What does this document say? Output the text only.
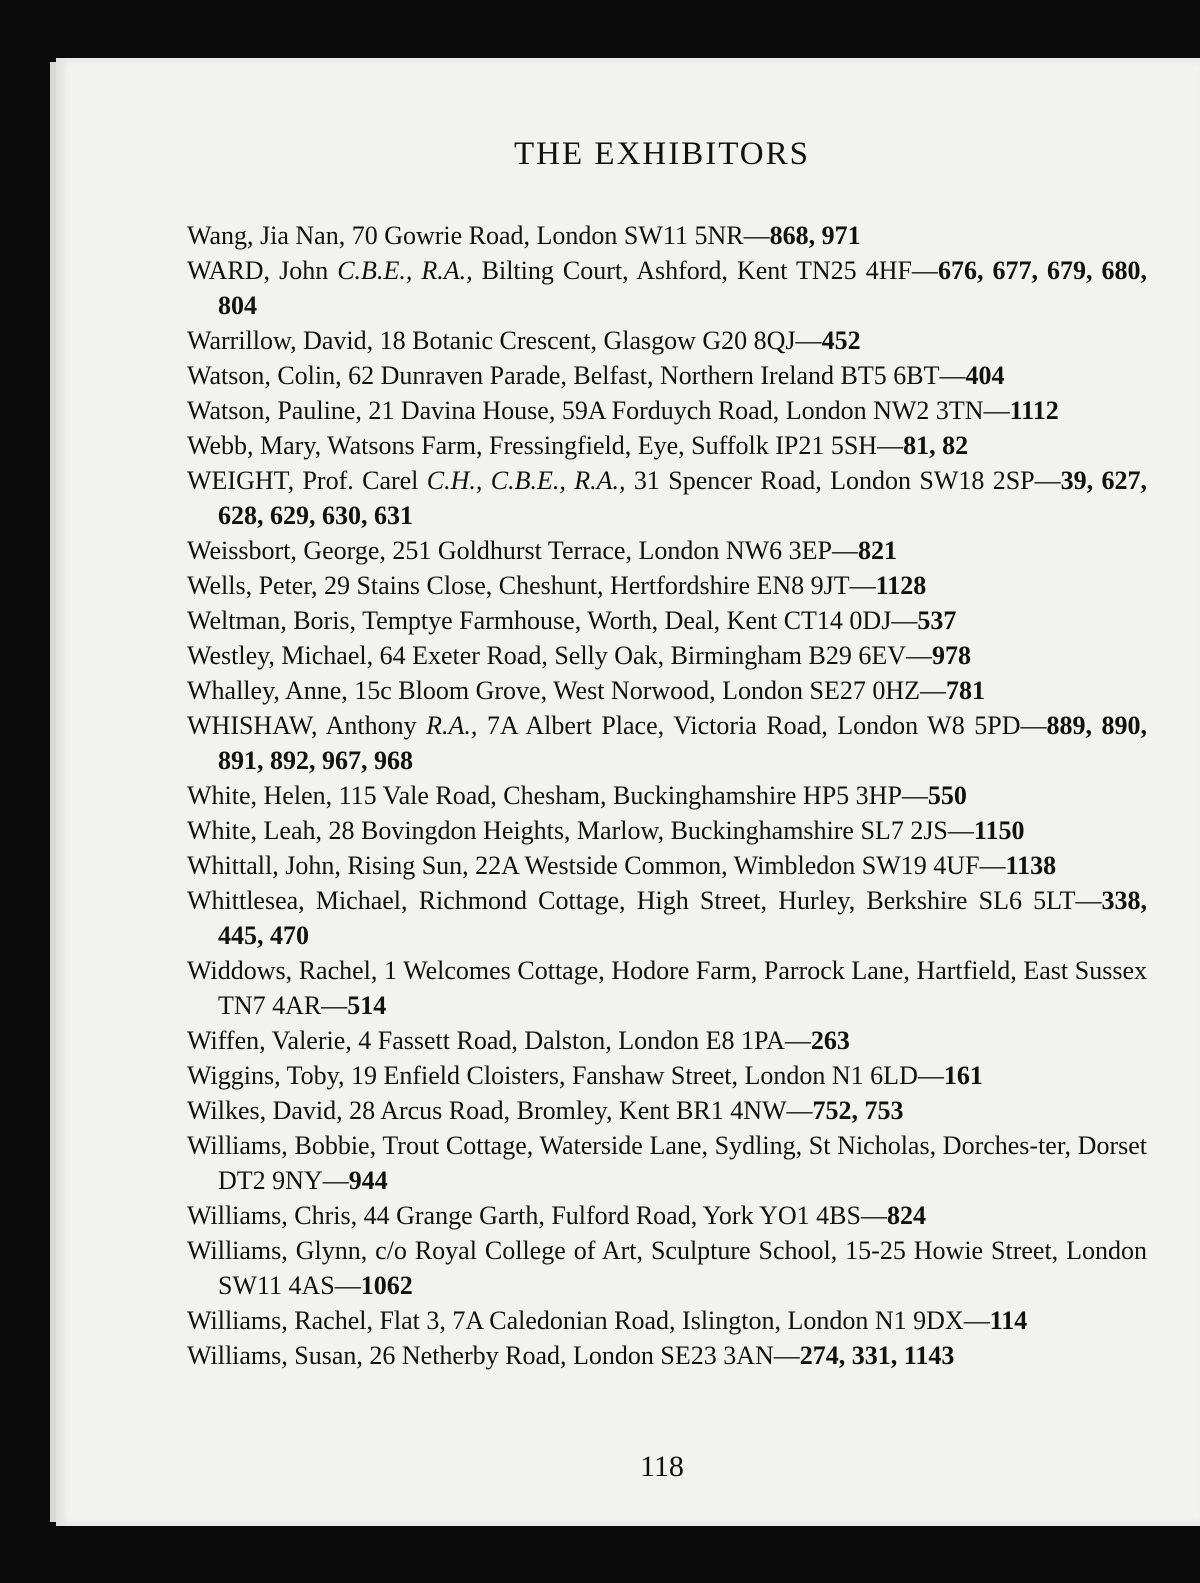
THE EXHIBITORS
Wang, Jia Nan, 70 Gowrie Road, London SW11 5NR—868, 971
WARD, John C.B.E., R.A., Bilting Court, Ashford, Kent TN25 4HF—676, 677, 679, 680, 804
Warrillow, David, 18 Botanic Crescent, Glasgow G20 8QJ—452
Watson, Colin, 62 Dunraven Parade, Belfast, Northern Ireland BT5 6BT—404
Watson, Pauline, 21 Davina House, 59A Forduych Road, London NW2 3TN—1112
Webb, Mary, Watsons Farm, Fressingfield, Eye, Suffolk IP21 5SH—81, 82
WEIGHT, Prof. Carel C.H., C.B.E., R.A., 31 Spencer Road, London SW18 2SP—39, 627, 628, 629, 630, 631
Weissbort, George, 251 Goldhurst Terrace, London NW6 3EP—821
Wells, Peter, 29 Stains Close, Cheshunt, Hertfordshire EN8 9JT—1128
Weltman, Boris, Temptye Farmhouse, Worth, Deal, Kent CT14 0DJ—537
Westley, Michael, 64 Exeter Road, Selly Oak, Birmingham B29 6EV—978
Whalley, Anne, 15c Bloom Grove, West Norwood, London SE27 0HZ—781
WHISHAW, Anthony R.A., 7A Albert Place, Victoria Road, London W8 5PD—889, 890, 891, 892, 967, 968
White, Helen, 115 Vale Road, Chesham, Buckinghamshire HP5 3HP—550
White, Leah, 28 Bovingdon Heights, Marlow, Buckinghamshire SL7 2JS—1150
Whittall, John, Rising Sun, 22A Westside Common, Wimbledon SW19 4UF—1138
Whittlesea, Michael, Richmond Cottage, High Street, Hurley, Berkshire SL6 5LT—338, 445, 470
Widdows, Rachel, 1 Welcomes Cottage, Hodore Farm, Parrock Lane, Hartfield, East Sussex TN7 4AR—514
Wiffen, Valerie, 4 Fassett Road, Dalston, London E8 1PA—263
Wiggins, Toby, 19 Enfield Cloisters, Fanshaw Street, London N1 6LD—161
Wilkes, David, 28 Arcus Road, Bromley, Kent BR1 4NW—752, 753
Williams, Bobbie, Trout Cottage, Waterside Lane, Sydling, St Nicholas, Dorches-ter, Dorset DT2 9NY—944
Williams, Chris, 44 Grange Garth, Fulford Road, York YO1 4BS—824
Williams, Glynn, c/o Royal College of Art, Sculpture School, 15-25 Howie Street, London SW11 4AS—1062
Williams, Rachel, Flat 3, 7A Caledonian Road, Islington, London N1 9DX—114
Williams, Susan, 26 Netherby Road, London SE23 3AN—274, 331, 1143
118
